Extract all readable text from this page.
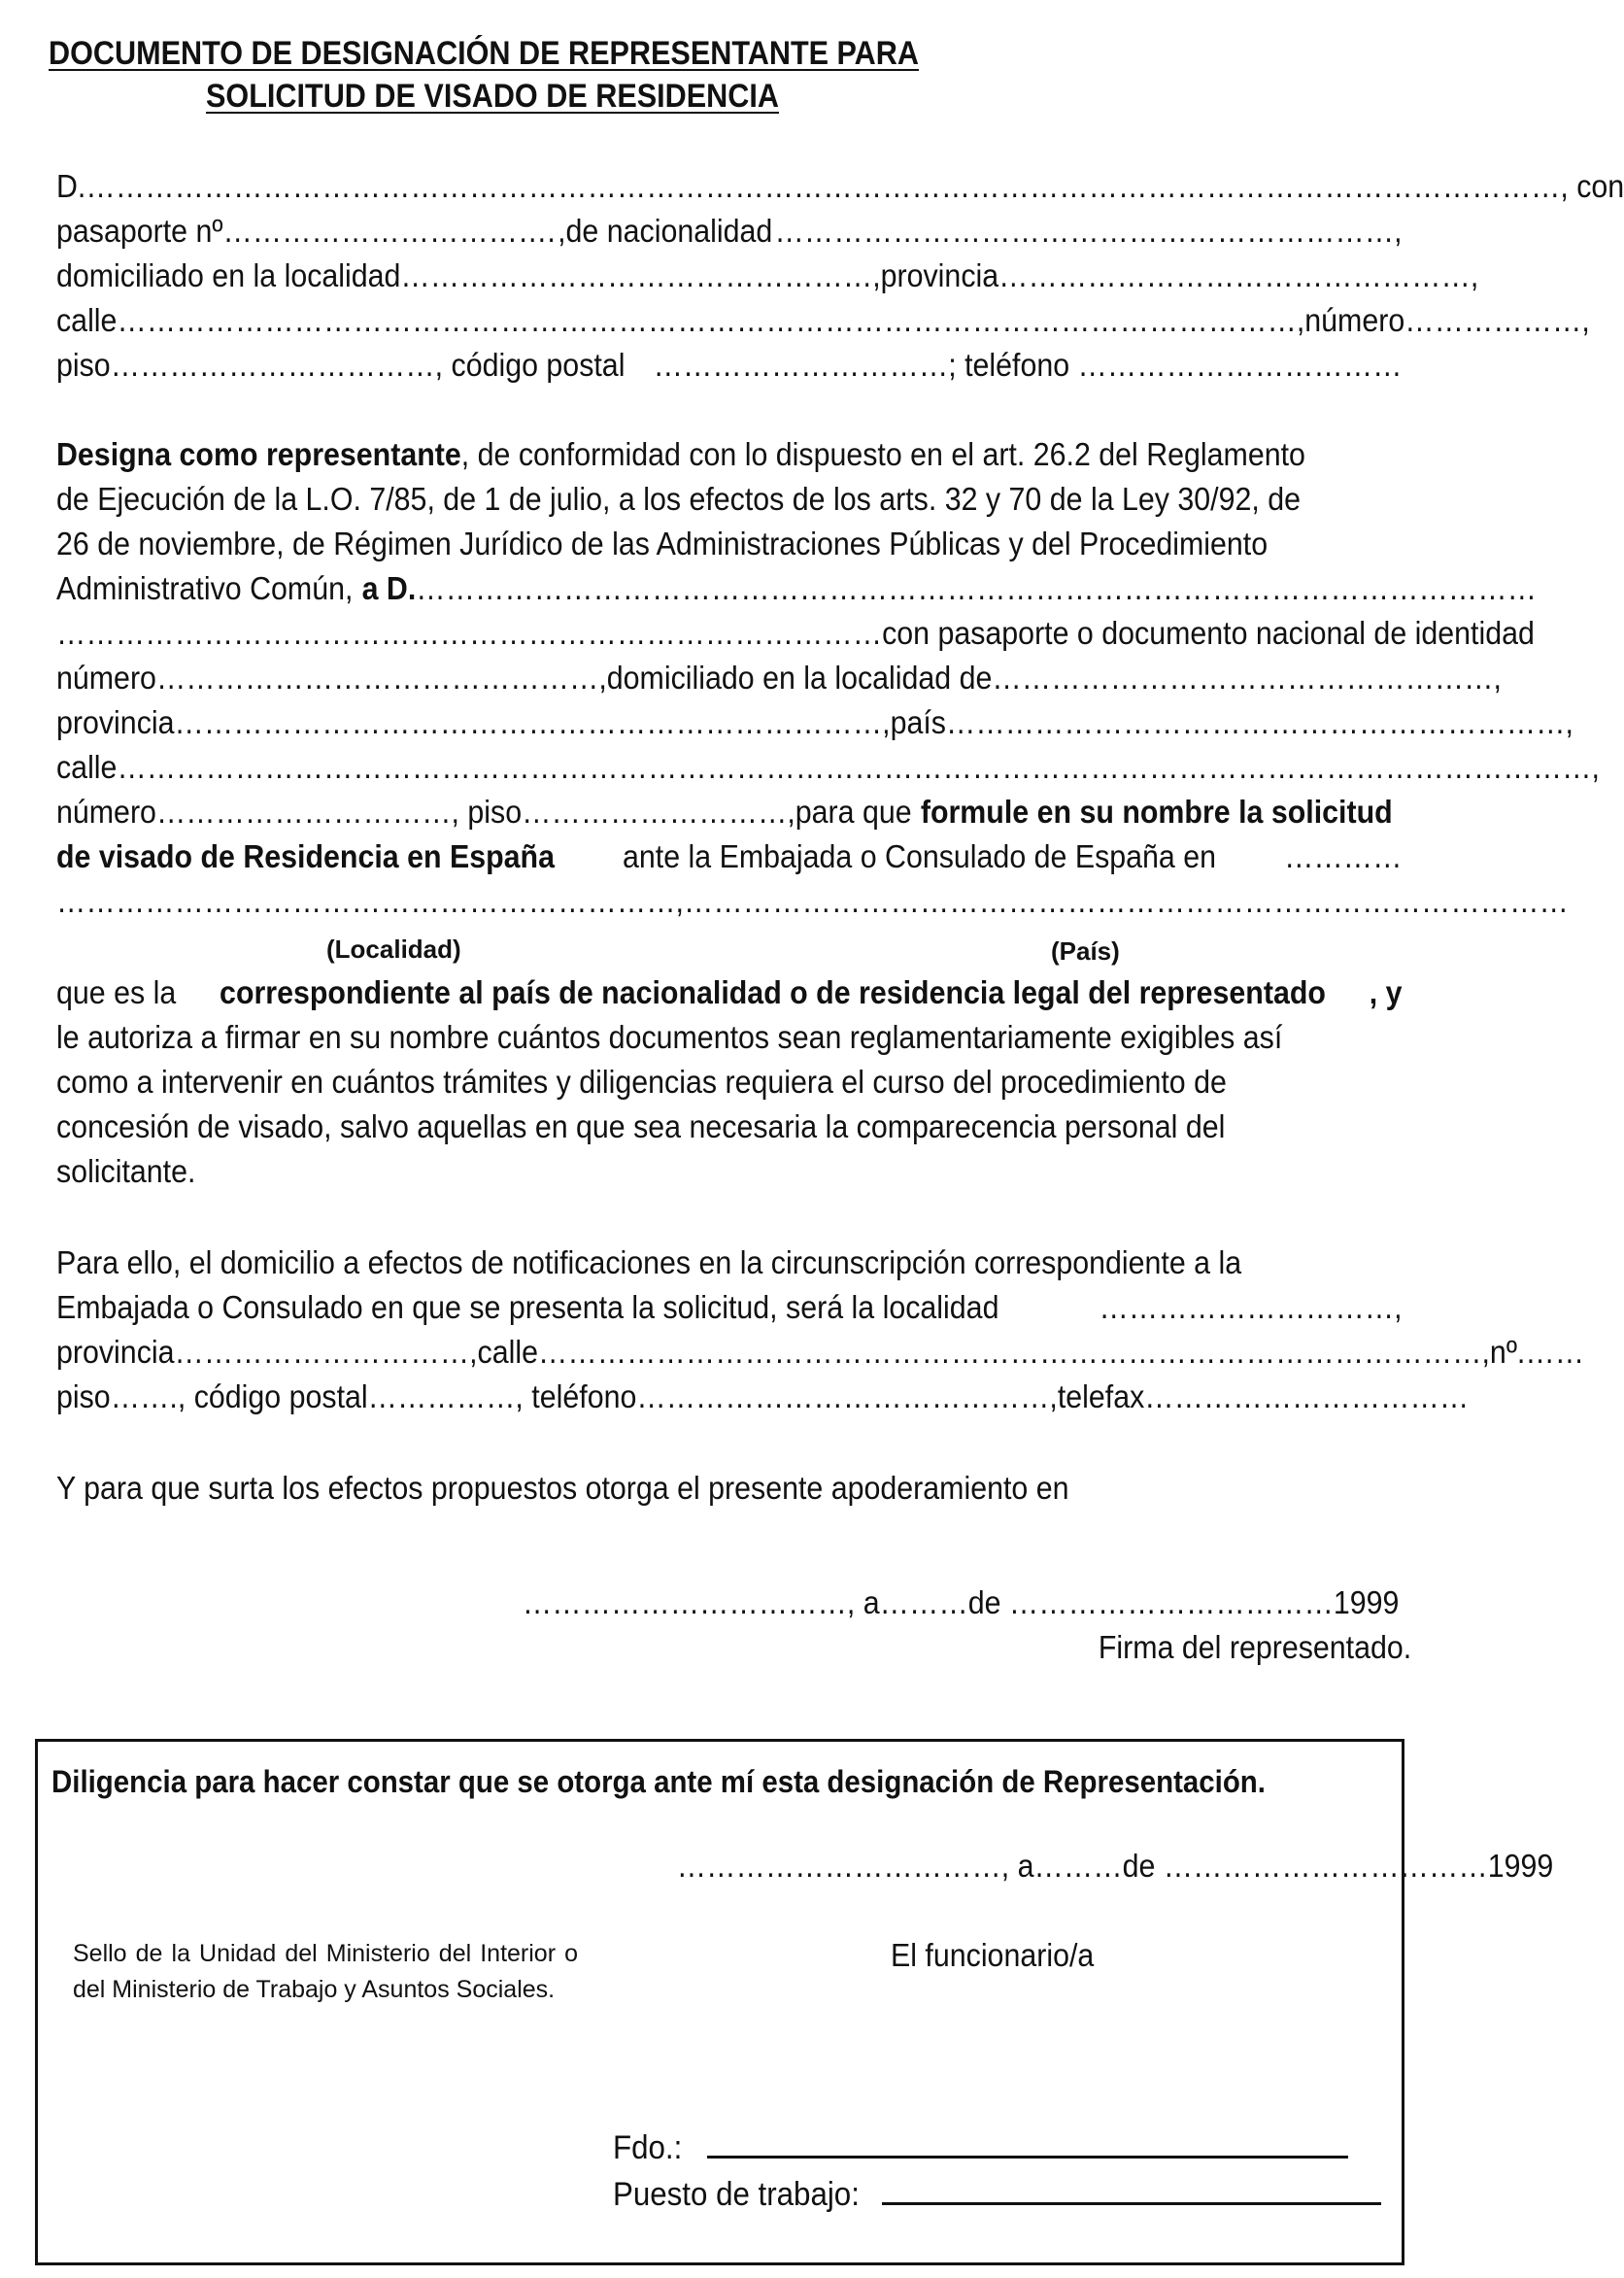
DOCUMENTO DE DESIGNACIÓN DE REPRESENTANTE PARA
SOLICITUD DE VISADO DE RESIDENCIA
D.…………………………………………………………………………………………………………………………………… , con
pasaporte nº……………………………. ,de nacionalidad ………………………………………………………,
domiciliado en la localidad …………………………………………,provincia…………………………………………,
calle…………………………………………………………………………………………………………,número ………………,
piso……………………………, código postal …………………………; teléfono ……………………………
Designa como representante , de conformidad con lo dispuesto en el art. 26.2 del Reglamento
de Ejecución de la L.O. 7/85, de 1 de julio, a los efectos de los arts. 32 y 70 de la Ley 30/92, de
26 de noviembre, de Régimen Jurídico de las Administraciones Públicas y del Procedimiento
Administrativo Común, a D. ……………………………………………………………………………………………………
………………………………………………………………………… con pasaporte o documento nacional de identidad
número………………………………………,domiciliado en la localidad de ……………………………………………,
provincia………………………………………………………………,país ………………………………………………………,
calle……………………………………………………………………………………………………………………………………,
número…………………………, piso………………………,para que formule en su nombre la solicitud
de visado de Residencia en España ante la Embajada o Consulado de España en …………
………………………………………………………, ………………………………………………………………………………
(Localidad)	(País)
que es la correspondiente al país de nacionalidad o de residencia legal del representado , y
le autoriza a firmar en su nombre cuántos documentos sean reglamentariamente exigibles así
como a intervenir en cuántos trámites y diligencias requiera el curso del procedimiento de
concesión de visado, salvo aquellas en que sea necesaria la comparecencia personal del
solicitante.
Para ello, el domicilio a efectos de notificaciones en la circunscripción correspondiente a la
Embajada o Consulado en que se presenta la solicitud, será la localidad	…………………………,
provincia…………………………,calle ……………………………………………………………………………………,nº.……
piso……., código postal……………, teléfono……………………………………,telefax ……………………………
Y para que surta los efectos propuestos otorga el presente apoderamiento en
……………………………, a………de ……………………………1999
Firma del representado.
Diligencia para hacer constar que se otorga ante mí esta designación de Representación.
……………………………, a………de ……………………………1999
Sello de la Unidad del Ministerio del Interior o del Ministerio de Trabajo y Asuntos Sociales.
El funcionario/a
Fdo.:
Puesto de trabajo:
